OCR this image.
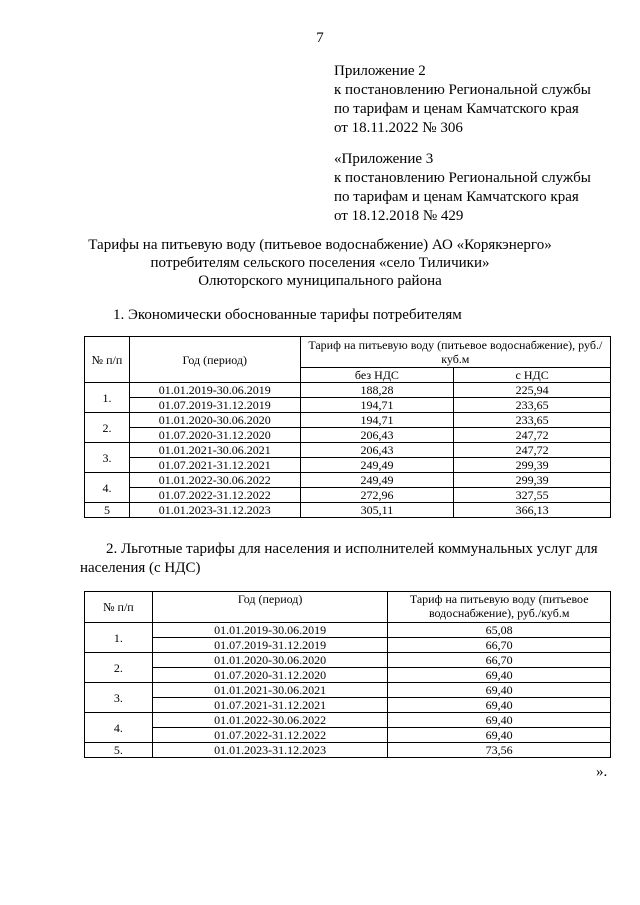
7
Приложение 2
к постановлению Региональной службы
по тарифам и ценам Камчатского края
от 18.11.2022 № 306
«Приложение 3
к постановлению Региональной службы
по тарифам и ценам Камчатского края
от 18.12.2018 № 429
Тарифы на питьевую воду (питьевое водоснабжение) АО «Корякэнерго»
потребителям сельского поселения «село Тиличики»
Олюторского муниципального района
1. Экономически обоснованные тарифы потребителям
№ п/п	Год (период)	Тариф на питьевую воду (питьевое водоснабжение), руб./куб.м	
		без НДС	с НДС
1.	01.01.2019-30.06.2019	188,28	225,94
	01.07.2019-31.12.2019	194,71	233,65
2.	01.01.2020-30.06.2020	194,71	233,65
	01.07.2020-31.12.2020	206,43	247,72
3.	01.01.2021-30.06.2021	206,43	247,72
	01.07.2021-31.12.2021	249,49	299,39
4.	01.01.2022-30.06.2022	249,49	299,39
	01.07.2022-31.12.2022	272,96	327,55
5	01.01.2023-31.12.2023	305,11	366,13
2. Льготные тарифы для населения и исполнителей коммунальных услуг для
населения (с НДС)
№ п/п	Год (период)	Тариф на питьевую воду (питьевое водоснабжение), руб./куб.м
1.	01.01.2019-30.06.2019	65,08
	01.07.2019-31.12.2019	66,70
2.	01.01.2020-30.06.2020	66,70
	01.07.2020-31.12.2020	69,40
3.	01.01.2021-30.06.2021	69,40
	01.07.2021-31.12.2021	69,40
4.	01.01.2022-30.06.2022	69,40
	01.07.2022-31.12.2022	69,40
5.	01.01.2023-31.12.2023	73,56
».
